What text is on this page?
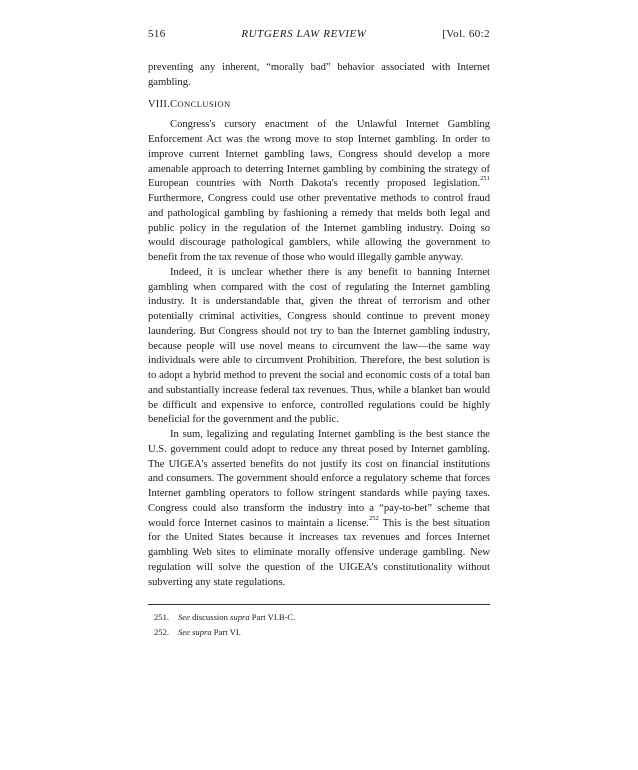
516	RUTGERS LAW REVIEW	[Vol. 60:2

preventing any inherent, “morally bad” behavior associated with Internet gambling.

VIII.CONCLUSION

Congress's cursory enactment of the Unlawful Internet Gambling Enforcement Act was the wrong move to stop Internet gambling. In order to improve current Internet gambling laws, Congress should develop a more amenable approach to deterring Internet gambling by combining the strategy of European countries with North Dakota's recently proposed legislation.$^{251}$ Furthermore, Congress could use other preventative methods to control fraud and pathological gambling by fashioning a remedy that melds both legal and public policy in the regulation of the Internet gambling industry. Doing so would discourage pathological gamblers, while allowing the government to benefit from the tax revenue of those who would illegally gamble anyway.

Indeed, it is unclear whether there is any benefit to banning Internet gambling when compared with the cost of regulating the Internet gambling industry. It is understandable that, given the threat of terrorism and other potentially criminal activities, Congress should continue to prevent money laundering. But Congress should not try to ban the Internet gambling industry, because people will use novel means to circumvent the law—the same way individuals were able to circumvent Prohibition. Therefore, the best solution is to adopt a hybrid method to prevent the social and economic costs of a total ban and substantially increase federal tax revenues. Thus, while a blanket ban would be difficult and expensive to enforce, controlled regulations could be highly beneficial for the government and the public.

In sum, legalizing and regulating Internet gambling is the best stance the U.S. government could adopt to reduce any threat posed by Internet gambling. The UIGEA's asserted benefits do not justify its cost on financial institutions and consumers. The government should enforce a regulatory scheme that forces Internet gambling operators to follow stringent standards while paying taxes. Congress could also transform the industry into a “pay-to-bet” scheme that would force Internet casinos to maintain a license.$^{252}$ This is the best situation for the United States because it increases tax revenues and forces Internet gambling Web sites to eliminate morally offensive underage gambling. New regulation will solve the question of the UIGEA's constitutionality without subverting any state regulations.

251. See discussion supra Part VI.B-C.
252. See supra Part VI.
